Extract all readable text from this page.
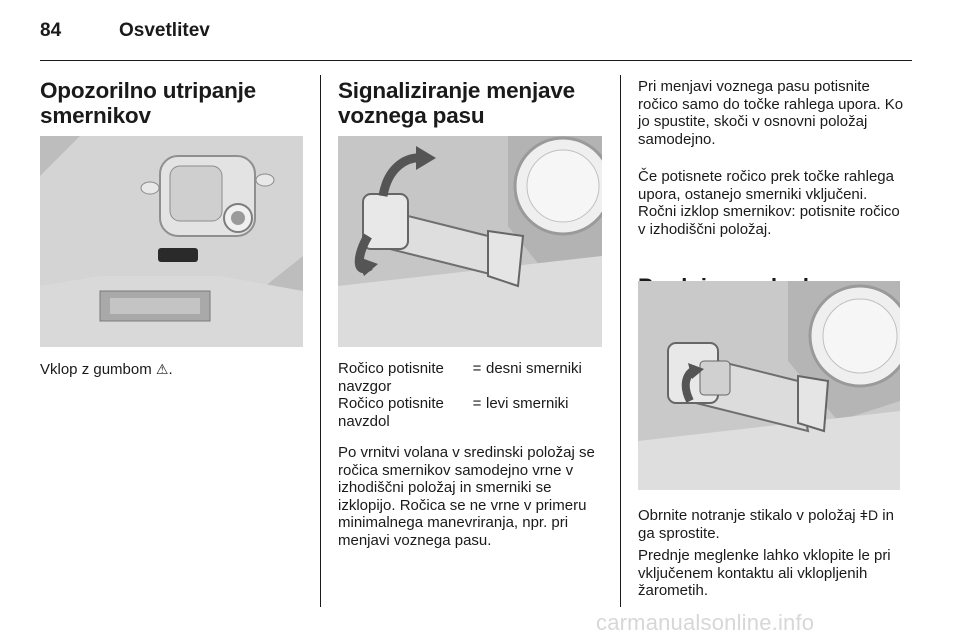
84	Osvetlitev
Opozorilno utripanje smernikov
Vklop z gumbom ⚠.
Signaliziranje menjave voznega pasu
Ročico potisnite navzgor
= desni smerniki
Ročico potisnite navzdol
= levi smerniki
Po vrnitvi volana v sredinski položaj se ročica smernikov samodejno vrne v izhodiščni položaj in smerniki se izklopijo. Ročica se ne vrne v primeru minimalnega manevriranja, npr. pri menjavi voznega pasu.
Pri menjavi voznega pasu potisnite ročico samo do točke rahlega upora. Ko jo spustite, skoči v osnovni položaj samodejno.
Če potisnete ročico prek točke rahlega upora, ostanejo smerniki vključeni. Ročni izklop smernikov: potisnite ročico v izhodiščni položaj.
Obrnite notranje stikalo v položaj ǂD in ga sprostite.
Prednje meglenke lahko vklopite le pri vključenem kontaktu ali vklopljenih žarometih.
carmanualsonline.info
